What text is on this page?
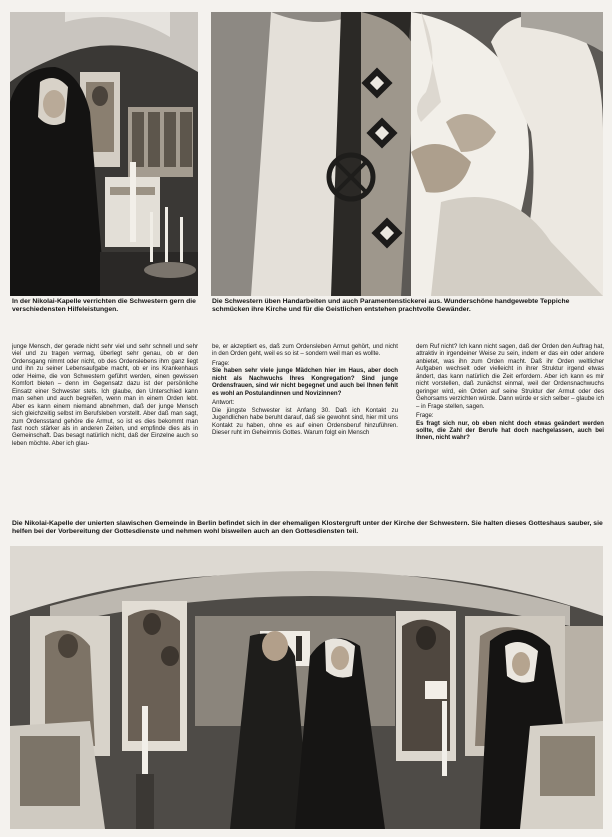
In der Nikolai-Kapelle verrichten die Schwestern gern die verschiedensten Hilfeleistungen.

Die Schwestern üben Handarbeiten und auch Paramentenstickerei aus. Wunderschöne handgewebte Teppiche schmücken ihre Kirche und für die Geistlichen entstehen prachtvolle Gewänder.

junge Mensch, der gerade nicht sehr viel und sehr schnell und sehr viel und zu tragen vermag, überlegt sehr genau, ob er den Ordensgang nimmt oder nicht, ob des Ordenslebens ihm ganz liegt und ihn zu seiner Lebensaufgabe macht, ob er ins Krankenhaus oder Heime, die von Schwestern geführt werden, einen gewissen Komfort bieten – denn im Gegensatz dazu ist der persönliche Einsatz einer Schwester stets. Ich glaube, den Unterschied kann man sehen und auch begreifen, wenn man in einem Orden lebt. Aber es kann einem niemand abnehmen, daß der junge Mensch sich gleichzeitig selbst im Berufsleben vorstellt. Aber daß man sagt, zum Ordensstand gehöre die Armut, so ist es dies bekommt man fast noch stärker als in anderen Zeiten, und empfinde dies als in Gemeinschaft. Das besagt natürlich nicht, daß der Einzelne auch so leben möchte. Aber ich glau-

be, er akzeptiert es, daß zum Ordensleben Armut gehört, und nicht in den Orden geht, weil es so ist – sondern weil man es wollte.

Frage:

Sie haben sehr viele junge Mädchen hier im Haus, aber doch nicht als Nachwuchs Ihres Kongregation? Sind junge Ordensfrauen, sind wir nicht begegnet und auch bei Ihnen fehlt es wohl an Postulandinnen und Novizinnen?

Antwort:

Die jüngste Schwester ist Anfang 30. Daß ich Kontakt zu Jugendlichen habe beruht darauf, daß sie gewohnt sind, hier mit uns Kontakt zu haben, ohne es auf einen Ordensberuf hinzuführen. Dieser ruht im Geheimnis Gottes. Warum folgt ein Mensch

dem Ruf nicht? Ich kann nicht sagen, daß der Orden den Auftrag hat, attraktiv in irgendeiner Weise zu sein, indem er das ein oder andere anbietet, was ihn zum Orden macht. Daß ihr Orden weltlicher Aufgaben wechselt oder vielleicht in ihrer Struktur irgend etwas ändert, das kann natürlich die Zeit erfordern. Aber ich kann es mir nicht vorstellen, daß zunächst einmal, weil der Ordensnachwuchs geringer wird, ein Orden auf seine Struktur der Armut oder des Gehorsams verzichten würde. Dann würde er sich selber – glaube ich – in Frage stellen, sagen.

Frage:

Es fragt sich nur, ob eben nicht doch etwas geändert werden sollte, die Zahl der Berufe hat doch nachgelassen, auch bei Ihnen, nicht wahr?

Die Nikolai-Kapelle der unierten slawischen Gemeinde in Berlin befindet sich in der ehemaligen Klostergruft unter der Kirche der Schwestern. Sie halten dieses Gotteshaus sauber, sie helfen bei der Vorbereitung der Gottesdienste und nehmen wohl bisweilen auch an den Gottesdiensten teil.
